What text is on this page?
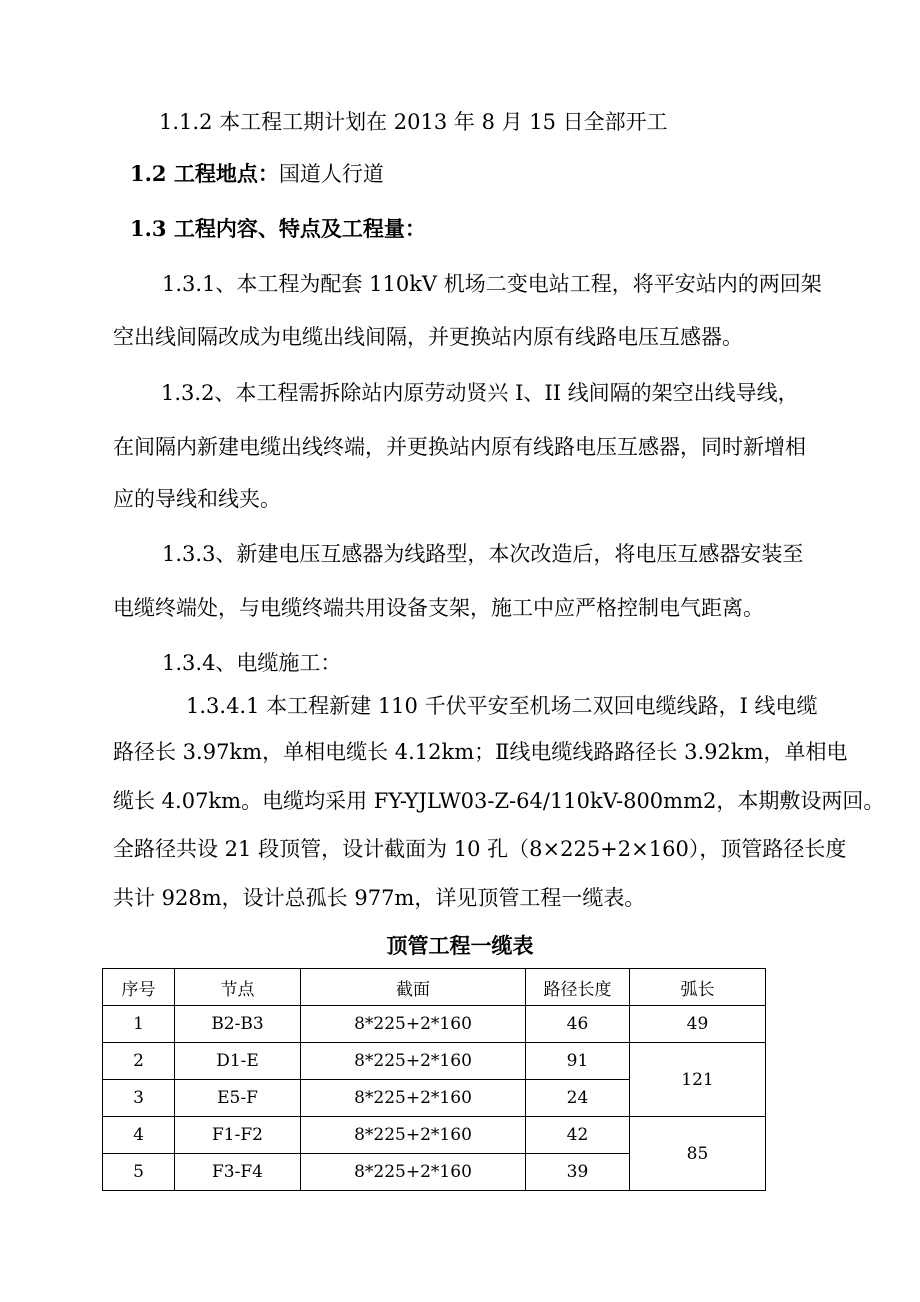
1.1.2 本工程工期计划在 2013 年 8 月 15 日全部开工
1.2 工程地点：国道人行道
1.3 工程内容、特点及工程量：
1.3.1、本工程为配套 110kV 机场二变电站工程，将平安站内的两回架
空出线间隔改成为电缆出线间隔，并更换站内原有线路电压互感器。
1.3.2、本工程需拆除站内原劳动贤兴 I、II 线间隔的架空出线导线，
在间隔内新建电缆出线终端，并更换站内原有线路电压互感器，同时新增相
应的导线和线夹。
1.3.3、新建电压互感器为线路型，本次改造后，将电压互感器安装至
电缆终端处，与电缆终端共用设备支架，施工中应严格控制电气距离。
1.3.4、电缆施工：
1.3.4.1 本工程新建 110 千伏平安至机场二双回电缆线路，I 线电缆
路径长 3.97km，单相电缆长 4.12km；Ⅱ线电缆线路路径长 3.92km，单相电
缆长 4.07km。电缆均采用 FY-YJLW03-Z-64/110kV-800mm2，本期敷设两回。
全路径共设 21 段顶管，设计截面为 10 孔（8×225+2×160），顶管路径长度
共计 928m，设计总孤长 977m，详见顶管工程一缆表。
顶管工程一缆表
序号	节点	截面	路径长度	弧长
1	B2-B3	8*225+2*160	46	49
2	D1-E	8*225+2*160	91	121
3	E5-F	8*225+2*160	24	
4	F1-F2	8*225+2*160	42	85
5	F3-F4	8*225+2*160	39	
